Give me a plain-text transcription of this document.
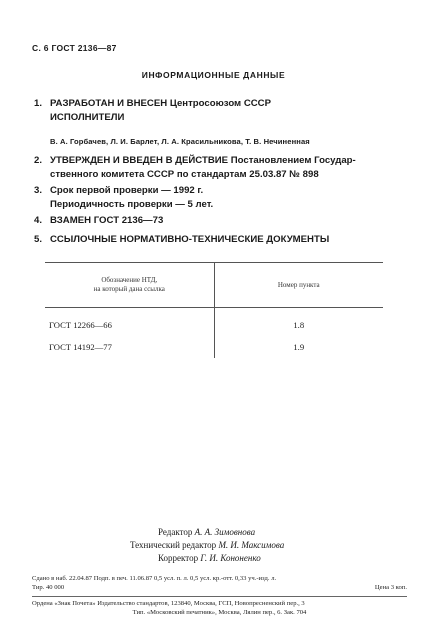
С. 6 ГОСТ 2136—87
ИНФОРМАЦИОННЫЕ ДАННЫЕ
1. РАЗРАБОТАН И ВНЕСЕН Центросоюзом СССР
ИСПОЛНИТЕЛИ
В. А. Горбачев, Л. И. Барлет, Л. А. Красильникова, Т. В. Нечиненная
2. УТВЕРЖДЕН И ВВЕДЕН В ДЕЙСТВИЕ Постановлением Государ-
ственного комитета СССР по стандартам 25.03.87 № 898
3. Срок первой проверки — 1992 г.
Периодичность проверки — 5 лет.
4. ВЗАМЕН ГОСТ 2136—73
5. ССЫЛОЧНЫЕ НОРМАТИВНО-ТЕХНИЧЕСКИЕ ДОКУМЕНТЫ
Обозначение НТД,
на который дана ссылка	Номер пункта
ГОСТ 12266—66	1.8
ГОСТ 14192—77	1.9
Редактор А. А. Зимовнова
Технический редактор М. И. Максимова
Корректор Г. И. Кононенко
Сдано в наб. 22.04.87 Подп. в печ. 11.06.87 0,5 усл. п. л. 0,5 усл. кр.-отт. 0,33 уч.-изд. л.
Тир. 40 000	Цена 3 коп.
Ордена «Знак Почета» Издательство стандартов, 123840, Москва, ГСП, Новопресненский пер., 3
Тип. «Московский печатник», Москва, Лялин пер., 6. Зак. 704
